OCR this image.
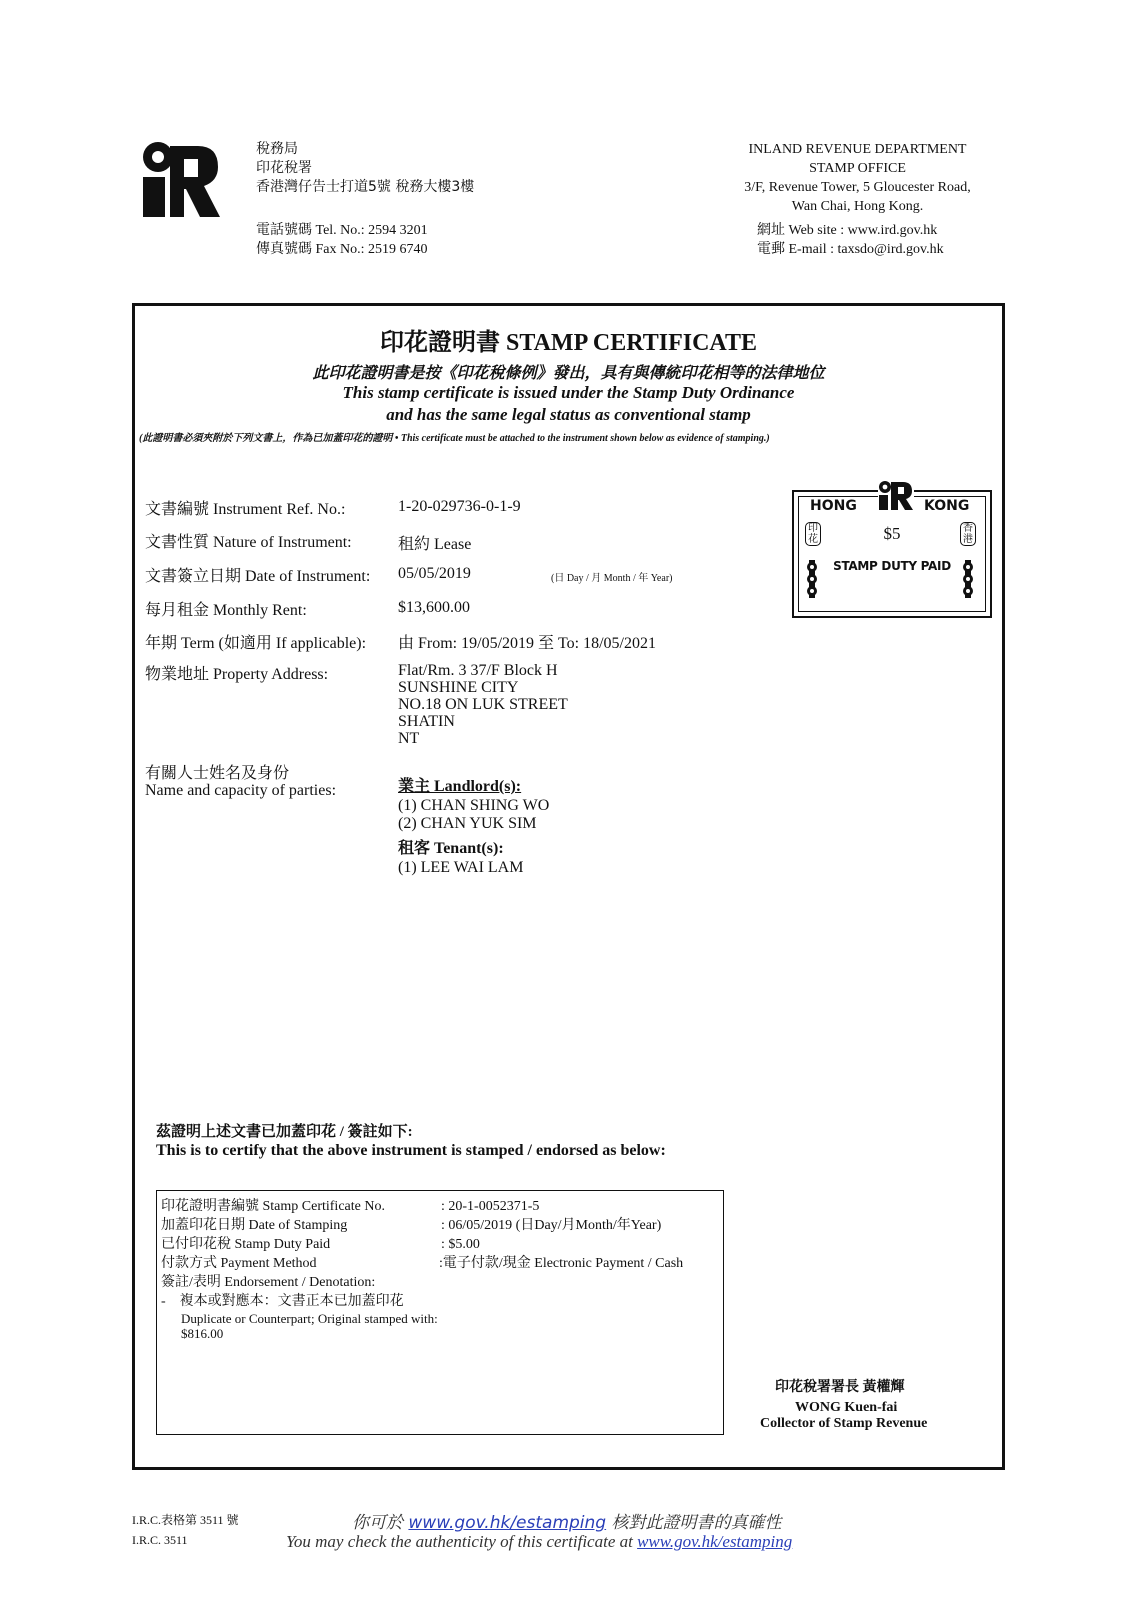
稅務局
印花稅署
香港灣仔告士打道5號 稅務大樓3樓
電話號碼 Tel. No.: 2594 3201
傳真號碼 Fax No.: 2519 6740
INLAND REVENUE DEPARTMENT
STAMP OFFICE
3/F, Revenue Tower, 5 Gloucester Road,
Wan Chai, Hong Kong.
網址 Web site : www.ird.gov.hk
電郵 E-mail : taxsdo@ird.gov.hk
印花證明書 STAMP CERTIFICATE
此印花證明書是按《印花稅條例》發出，具有與傳統印花相等的法律地位
This stamp certificate is issued under the Stamp Duty Ordinance
and has the same legal status as conventional stamp
(此證明書必須夾附於下列文書上，作為已加蓋印花的證明 • This certificate must be attached to the instrument shown below as evidence of stamping.)
文書編號 Instrument Ref. No.:	1-20-029736-0-1-9
文書性質 Nature of Instrument:	租約 Lease
文書簽立日期 Date of Instrument: 05/05/2019	(日 Day / 月 Month / 年 Year)
每月租金 Monthly Rent:	$13,600.00
年期 Term (如適用 If applicable): 由 From: 19/05/2019 至 To: 18/05/2021
物業地址 Property Address:	Flat/Rm. 3 37/F Block H
SUNSHINE CITY
NO.18 ON LUK STREET
SHATIN
NT
有關人士姓名及身份
Name and capacity of parties:	業主 Landlord(s):
(1) CHAN SHING WO
(2) CHAN YUK SIM
租客 Tenant(s):
(1) LEE WAI LAM
茲證明上述文書已加蓋印花 / 簽註如下:
This is to certify that the above instrument is stamped / endorsed as below:
印花稅署署長 黃權輝
WONG Kuen-fai
Collector of Stamp Revenue
HONG	KONG
印花
香港
$5
STAMP DUTY PAID
印花證明書編號 Stamp Certificate No.	: 20-1-0052371-5
加蓋印花日期 Date of Stamping	: 06/05/2019 (日Day/月Month/年Year)
已付印花稅 Stamp Duty Paid	: $5.00
付款方式 Payment Method	:電子付款/現金 Electronic Payment / Cash
簽註/表明 Endorsement / Denotation:
-    複本或對應本：文書正本已加蓋印花
Duplicate or Counterpart; Original stamped with:
$816.00
I.R.C.表格第 3511 號
I.R.C. 3511
你可於 www.gov.hk/estamping 核對此證明書的真確性
You may check the authenticity of this certificate at www.gov.hk/estamping
